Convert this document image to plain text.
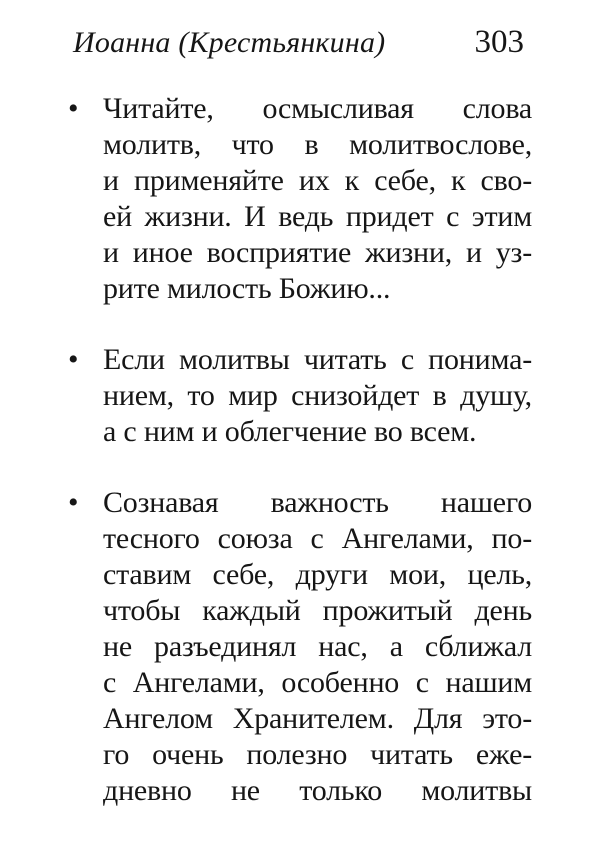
Иоанна (Крестьянкина)	303
• Читайте, осмысливая слова
молитв, что в молитвослове,
и применяйте их к себе, к сво-
ей жизни. И ведь придет с этим
и иное восприятие жизни, и уз-
рите милость Божию...
• Если молитвы читать с понима-
нием, то мир снизойдет в душу,
а с ним и облегчение во всем.
• Сознавая важность нашего
тесного союза с Ангелами, по-
ставим себе, други мои, цель,
чтобы каждый прожитый день
не разъединял нас, а сближал
с Ангелами, особенно с нашим
Ангелом Хранителем. Для это-
го очень полезно читать еже-
дневно не только молитвы
